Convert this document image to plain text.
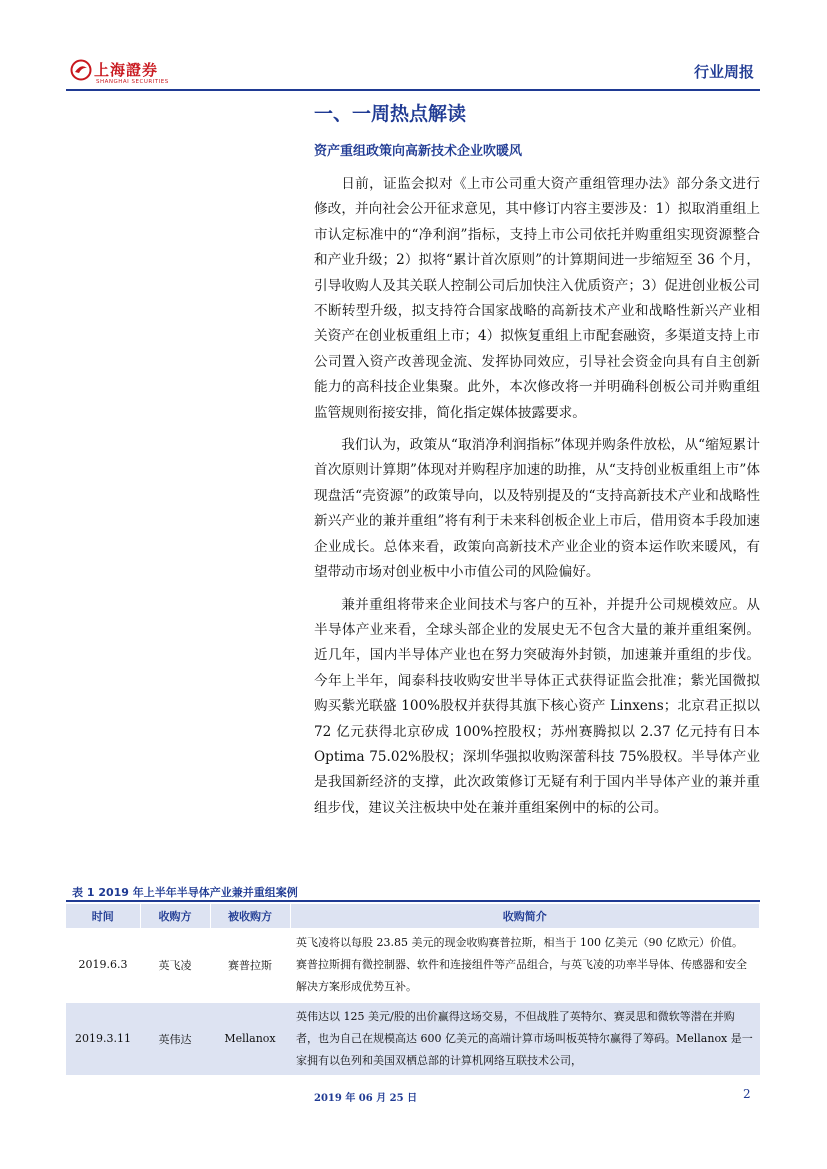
上海證券
SHANGHAI SECURITIES
行业周报
一、一周热点解读
资产重组政策向高新技术企业吹暖风

日前，证监会拟对《上市公司重大资产重组管理办法》部分条文进行修改，并向社会公开征求意见，其中修订内容主要涉及：1）拟取消重组上市认定标准中的“净利润”指标，支持上市公司依托并购重组实现资源整合和产业升级；2）拟将“累计首次原则”的计算期间进一步缩短至 36 个月，引导收购人及其关联人控制公司后加快注入优质资产；3）促进创业板公司不断转型升级，拟支持符合国家战略的高新技术产业和战略性新兴产业相关资产在创业板重组上市；4）拟恢复重组上市配套融资，多渠道支持上市公司置入资产改善现金流、发挥协同效应，引导社会资金向具有自主创新能力的高科技企业集聚。此外，本次修改将一并明确科创板公司并购重组监管规则衔接安排，简化指定媒体披露要求。

我们认为，政策从“取消净利润指标”体现并购条件放松，从“缩短累计首次原则计算期”体现对并购程序加速的助推，从“支持创业板重组上市”体现盘活“壳资源”的政策导向，以及特别提及的“支持高新技术产业和战略性新兴产业的兼并重组”将有利于未来科创板企业上市后，借用资本手段加速企业成长。总体来看，政策向高新技术产业企业的资本运作吹来暖风，有望带动市场对创业板中小市值公司的风险偏好。

兼并重组将带来企业间技术与客户的互补，并提升公司规模效应。从半导体产业来看，全球头部企业的发展史无不包含大量的兼并重组案例。近几年，国内半导体产业也在努力突破海外封锁，加速兼并重组的步伐。今年上半年，闻泰科技收购安世半导体正式获得证监会批准；紫光国微拟购买紫光联盛 100%股权并获得其旗下核心资产 Linxens；北京君正拟以 72 亿元获得北京矽成 100%控股权；苏州赛腾拟以 2.37 亿元持有日本 Optima 75.02%股权；深圳华强拟收购深蕾科技 75%股权。半导体产业是我国新经济的支撑，此次政策修订无疑有利于国内半导体产业的兼并重组步伐，建议关注板块中处在兼并重组案例中的标的公司。

表 1 2019 年上半年半导体产业兼并重组案例
时间	收购方	被收购方	收购简介
2019.6.3	英飞凌	赛普拉斯	英飞凌将以每股 23.85 美元的现金收购赛普拉斯，相当于 100 亿美元（90 亿欧元）价值。赛普拉斯拥有微控制器、软件和连接组件等产品组合，与英飞凌的功率半导体、传感器和安全解决方案形成优势互补。
2019.3.11	英伟达	Mellanox	英伟达以 125 美元/股的出价赢得这场交易，不但战胜了英特尔、赛灵思和微软等潜在并购者，也为自己在规模高达 600 亿美元的高端计算市场叫板英特尔赢得了筹码。Mellanox 是一家拥有以色列和美国双栖总部的计算机网络互联技术公司，
2019 年 06 月 25 日	2
